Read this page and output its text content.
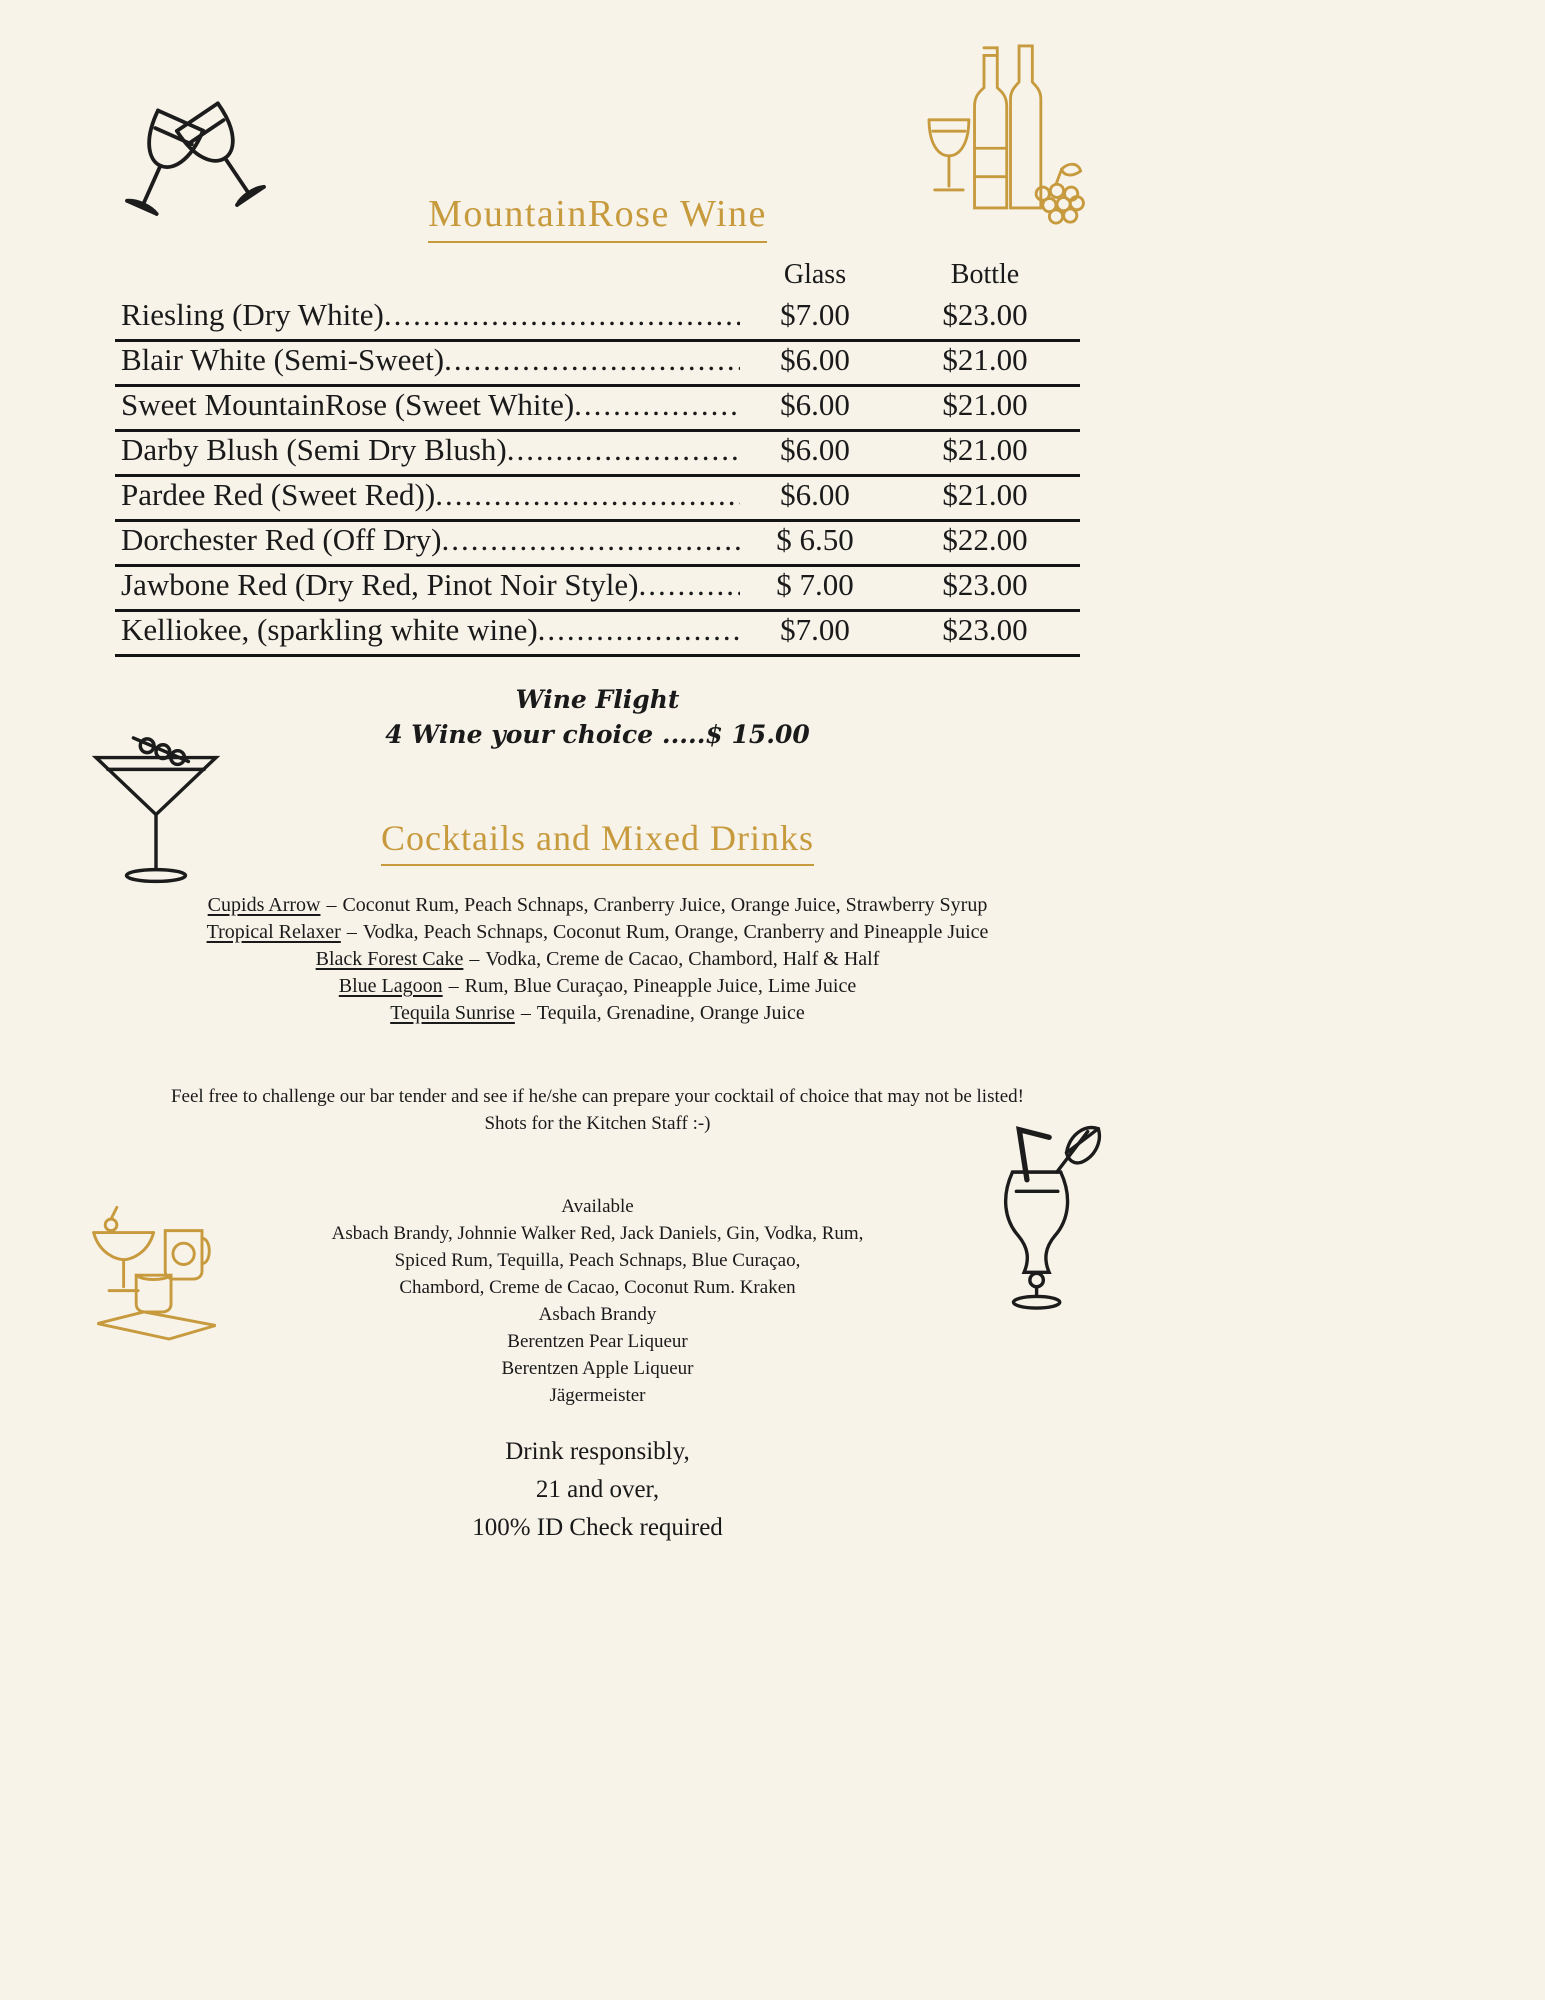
MountainRose Wine
Glass	Bottle
Riesling (Dry White) .....	$7.00	$23.00
Blair White (Semi-Sweet) .....	$6.00	$21.00
Sweet MountainRose (Sweet White) .....	$6.00	$21.00
Darby Blush (Semi Dry Blush) .....	$6.00	$21.00
Pardee Red (Sweet Red)) .....	$6.00	$21.00
Dorchester Red (Off Dry) .....	$ 6.50	$22.00
Jawbone Red (Dry Red, Pinot Noir Style) .....	$ 7.00	$23.00
Kelliokee, (sparkling white wine) .....	$7.00	$23.00
Wine Flight
4 Wine your choice .....$ 15.00
Cocktails and Mixed Drinks
Cupids Arrow – Coconut Rum, Peach Schnaps, Cranberry Juice, Orange Juice, Strawberry Syrup
Tropical Relaxer – Vodka, Peach Schnaps, Coconut Rum, Orange, Cranberry and Pineapple Juice
Black Forest Cake – Vodka, Creme de Cacao, Chambord, Half & Half
Blue Lagoon – Rum, Blue Curaçao, Pineapple Juice, Lime Juice
Tequila Sunrise – Tequila, Grenadine, Orange Juice
Feel free to challenge our bar tender and see if he/she can prepare your cocktail of choice that may not be listed!
Shots for the Kitchen Staff :-)
Available
Asbach Brandy, Johnnie Walker Red, Jack Daniels, Gin, Vodka, Rum,
Spiced Rum, Tequilla, Peach Schnaps, Blue Curaçao,
Chambord, Creme de Cacao, Coconut Rum. Kraken
Asbach Brandy
Berentzen Pear Liqueur
Berentzen Apple Liqueur
Jägermeister
Drink responsibly,
21 and over,
100% ID Check required
